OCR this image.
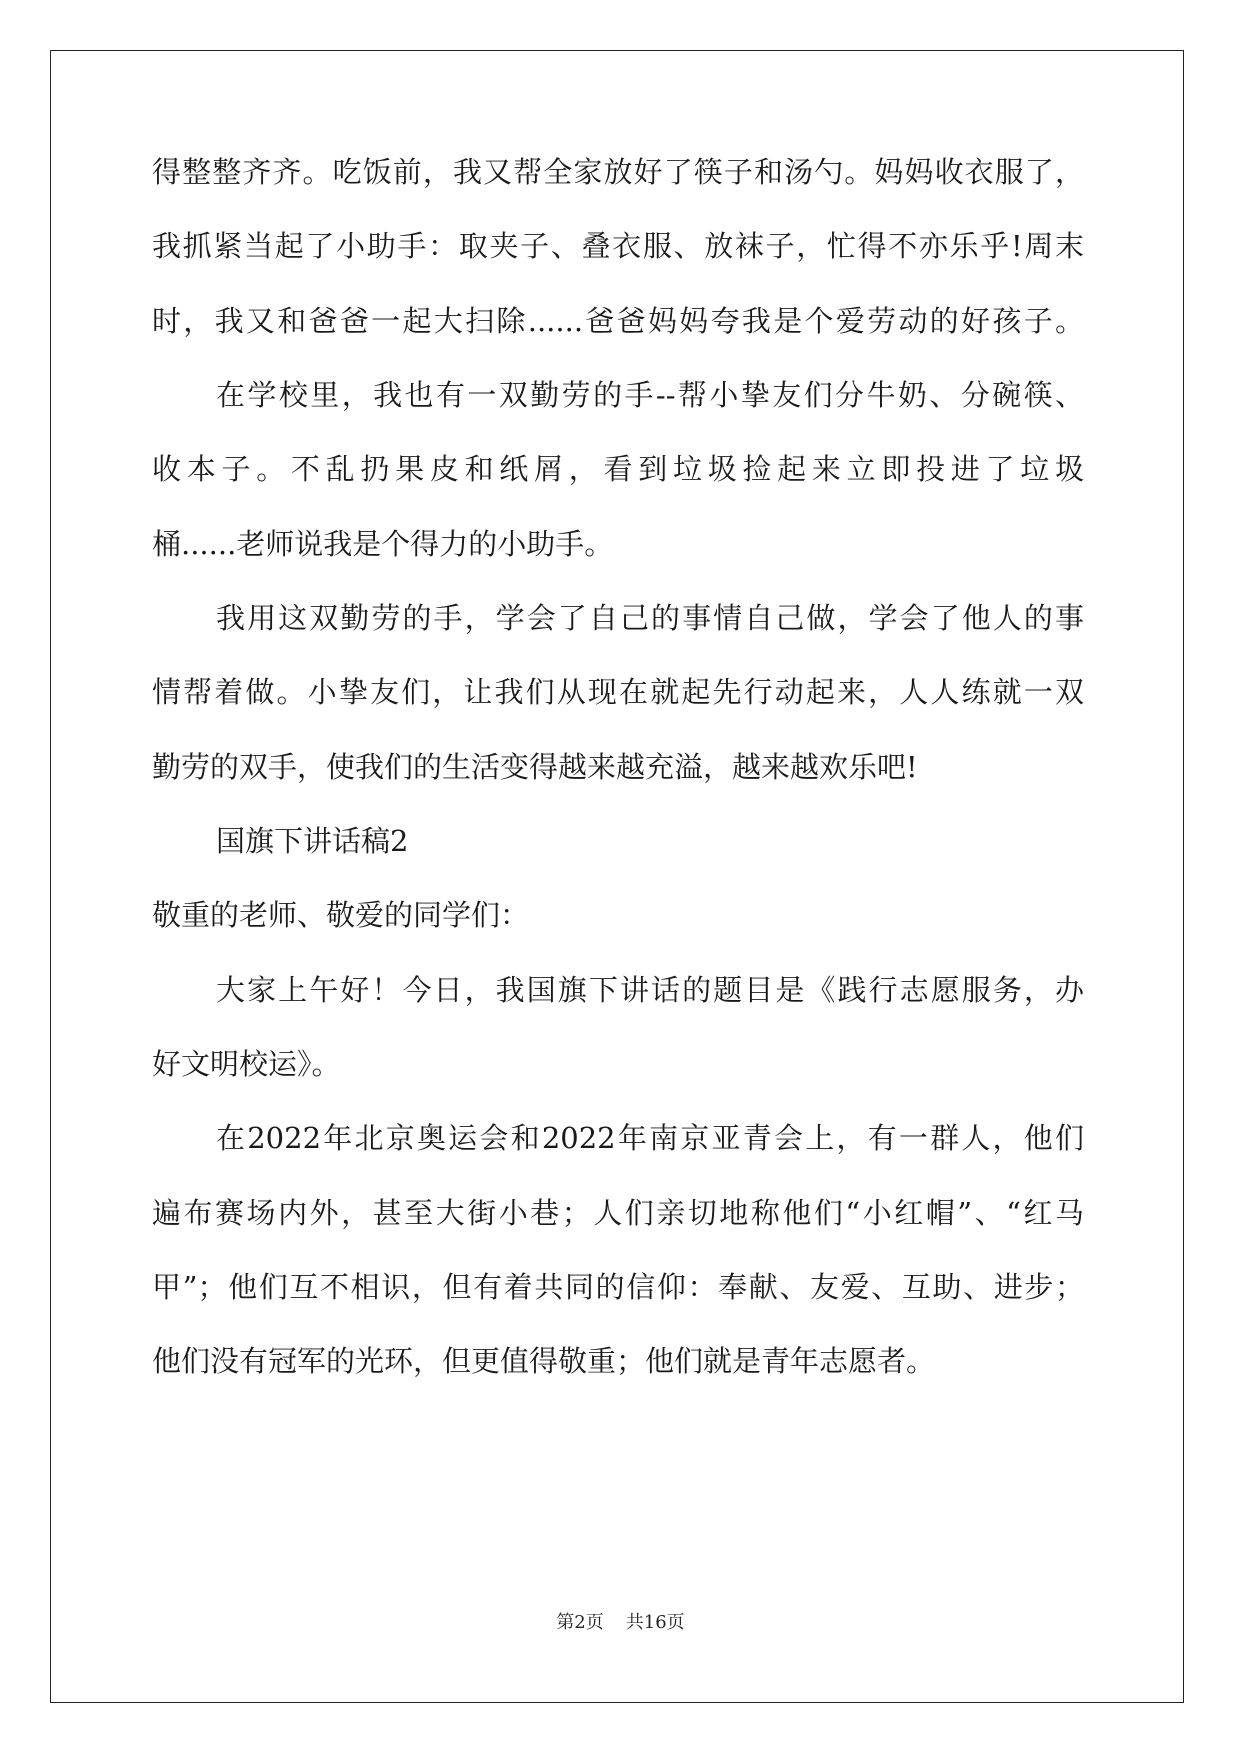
得整整齐齐。吃饭前，我又帮全家放好了筷子和汤勺。妈妈收衣服了，
我抓紧当起了小助手：取夹子、叠衣服、放袜子，忙得不亦乐乎!周末
时，我又和爸爸一起大扫除......爸爸妈妈夸我是个爱劳动的好孩子。
在学校里，我也有一双勤劳的手--帮小挚友们分牛奶、分碗筷、
收本子。不乱扔果皮和纸屑，看到垃圾捡起来立即投进了垃圾
桶......老师说我是个得力的小助手。
我用这双勤劳的手，学会了自己的事情自己做，学会了他人的事
情帮着做。小挚友们，让我们从现在就起先行动起来，人人练就一双
勤劳的双手，使我们的生活变得越来越充溢，越来越欢乐吧!
国旗下讲话稿2
敬重的老师、敬爱的同学们：
大家上午好！今日，我国旗下讲话的题目是《践行志愿服务，办
好文明校运》。
在2022年北京奥运会和2022年南京亚青会上，有一群人，他们
遍布赛场内外，甚至大街小巷；人们亲切地称他们“小红帽”、“红马
甲”；他们互不相识，但有着共同的信仰：奉献、友爱、互助、进步；
他们没有冠军的光环，但更值得敬重；他们就是青年志愿者。
第2页 共16页
